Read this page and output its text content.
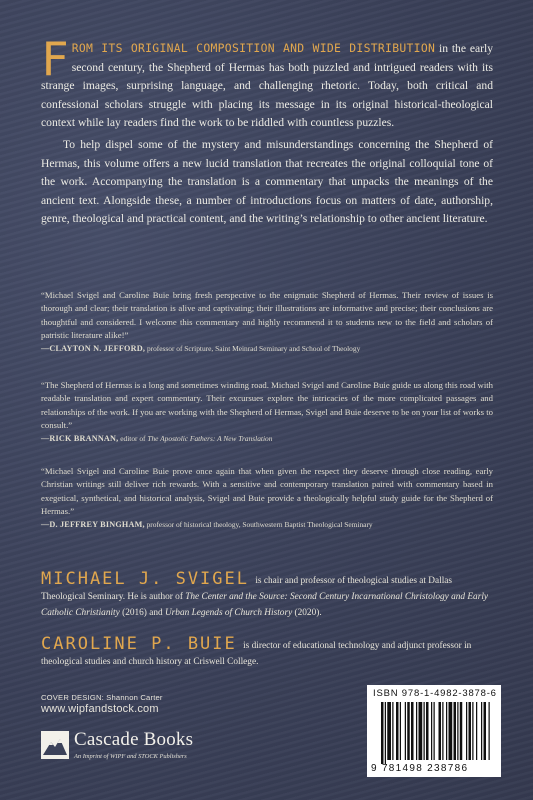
FROM ITS ORIGINAL COMPOSITION AND WIDE DISTRIBUTION in the early second century, the Shepherd of Hermas has both puzzled and intrigued readers with its strange images, surprising language, and challenging rhetoric. Today, both critical and confessional scholars struggle with placing its message in its original historical-theological context while lay readers find the work to be riddled with countless puzzles.

To help dispel some of the mystery and misunderstandings concerning the Shepherd of Hermas, this volume offers a new lucid translation that recreates the original colloquial tone of the work. Accompanying the translation is a commentary that unpacks the meanings of the ancient text. Alongside these, a number of introductions focus on matters of date, authorship, genre, theological and practical content, and the writing’s relationship to other ancient literature.

“Michael Svigel and Caroline Buie bring fresh perspective to the enigmatic Shepherd of Hermas. Their review of issues is thorough and clear; their translation is alive and captivating; their illustrations are informative and precise; their conclusions are thoughtful and considered. I welcome this commentary and highly recommend it to students new to the field and scholars of patristic literature alike!”

—CLAYTON N. JEFFORD, professor of Scripture, Saint Meinrad Seminary and School of Theology

“The Shepherd of Hermas is a long and sometimes winding road. Michael Svigel and Caroline Buie guide us along this road with readable translation and expert commentary. Their excursues explore the intricacies of the more complicated passages and relationships of the work. If you are working with the Shepherd of Hermas, Svigel and Buie deserve to be on your list of works to consult.”

—RICK BRANNAN, editor of The Apostolic Fathers: A New Translation

“Michael Svigel and Caroline Buie prove once again that when given the respect they deserve through close reading, early Christian writings still deliver rich rewards. With a sensitive and contemporary translation paired with commentary based in exegetical, synthetical, and historical analysis, Svigel and Buie provide a theologically helpful study guide for the Shepherd of Hermas.”

—D. JEFFREY BINGHAM, professor of historical theology, Southwestern Baptist Theological Seminary

MICHAEL J. SVIGEL is chair and professor of theological studies at Dallas Theological Seminary. He is author of The Center and the Source: Second Century Incarnational Christology and Early Catholic Christianity (2016) and Urban Legends of Church History (2020).

CAROLINE P. BUIE is director of educational technology and adjunct professor in theological studies and church history at Criswell College.

COVER DESIGN: Shannon Carter
www.wipfandstock.com
Cascade Books
An Imprint of WIPF and STOCK Publishers
ISBN 978-1-4982-3878-6
9 781498 238786
